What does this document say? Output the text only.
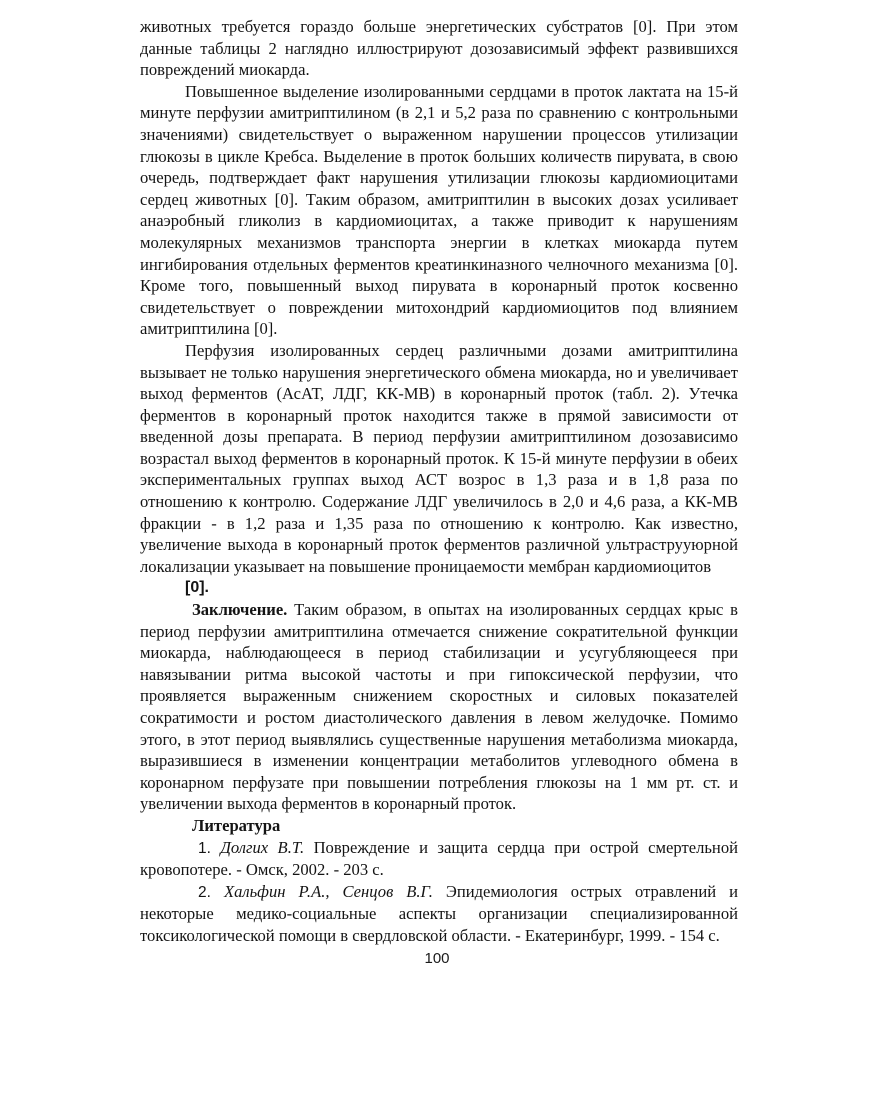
животных требуется гораздо больше энергетических субстратов [0]. При этом данные таблицы 2 наглядно иллюстрируют дозозависимый эффект развившихся повреждений миокарда.

Повышенное выделение изолированными сердцами в проток лактата на 15-й минуте перфузии амитриптилином (в 2,1 и 5,2 раза по сравнению с контрольными значениями) свидетельствует о выраженном нарушении процессов утилизации глюкозы в цикле Кребса. Выделение в проток больших количеств пирувата, в свою очередь, подтверждает факт нарушения утилизации глюкозы кардиомиоцитами сердец животных [0]. Таким образом, амитриптилин в высоких дозах усиливает анаэробный гликолиз в кардиомиоцитах, а также приводит к нарушениям молекулярных механизмов транспорта энергии в клетках миокарда путем ингибирования отдельных ферментов креатинкиназного челночного механизма [0]. Кроме того, повышенный выход пирувата в коронарный проток косвенно свидетельствует о повреждении митохондрий кардиомиоцитов под влиянием амитриптилина [0].

Перфузия изолированных сердец различными дозами амитриптилина вызывает не только нарушения энергетического обмена миокарда, но и увеличивает выход ферментов (АсАТ, ЛДГ, КК-МВ) в коронарный проток (табл. 2). Утечка ферментов в коронарный проток находится также в прямой зависимости от введенной дозы препарата. В период перфузии амитриптилином дозозависимо возрастал выход ферментов в коронарный проток. К 15-й минуте перфузии в обеих экспериментальных группах выход АСТ возрос в 1,3 раза и в 1,8 раза по отношению к контролю. Содержание ЛДГ увеличилось в 2,0 и 4,6 раза, а КК-МВ фракции - в 1,2 раза и 1,35 раза по отношению к контролю. Как известно, увеличение выхода в коронарный проток ферментов различной ультраструуюрной локализации указывает на повышение проницаемости мембран кардиомиоцитов
[0].

Заключение. Таким образом, в опытах на изолированных сердцах крыс в период перфузии амитриптилина отмечается снижение сократительной функции миокарда, наблюдающееся в период стабилизации и усугубляющееся при навязывании ритма высокой частоты и при гипоксической перфузии, что проявляется выраженным снижением скоростных и силовых показателей сократимости и ростом диастолического давления в левом желудочке. Помимо этого, в этот период выявлялись существенные нарушения метаболизма миокарда, выразившиеся в изменении концентрации метаболитов углеводного обмена в коронарном перфузате при повышении потребления глюкозы на 1 мм рт. ст. и увеличении выхода ферментов в коронарный проток.

Литература

1. Долгих В.Т. Повреждение и защита сердца при острой смертельной кровопотере. - Омск, 2002. - 203 с.

2. Хальфин Р.А., Сенцов В.Г. Эпидемиология острых отравлений и некоторые медико-социальные аспекты организации специализированной токсикологической помощи в свердловской области. - Екатеринбург, 1999. - 154 с.

100
